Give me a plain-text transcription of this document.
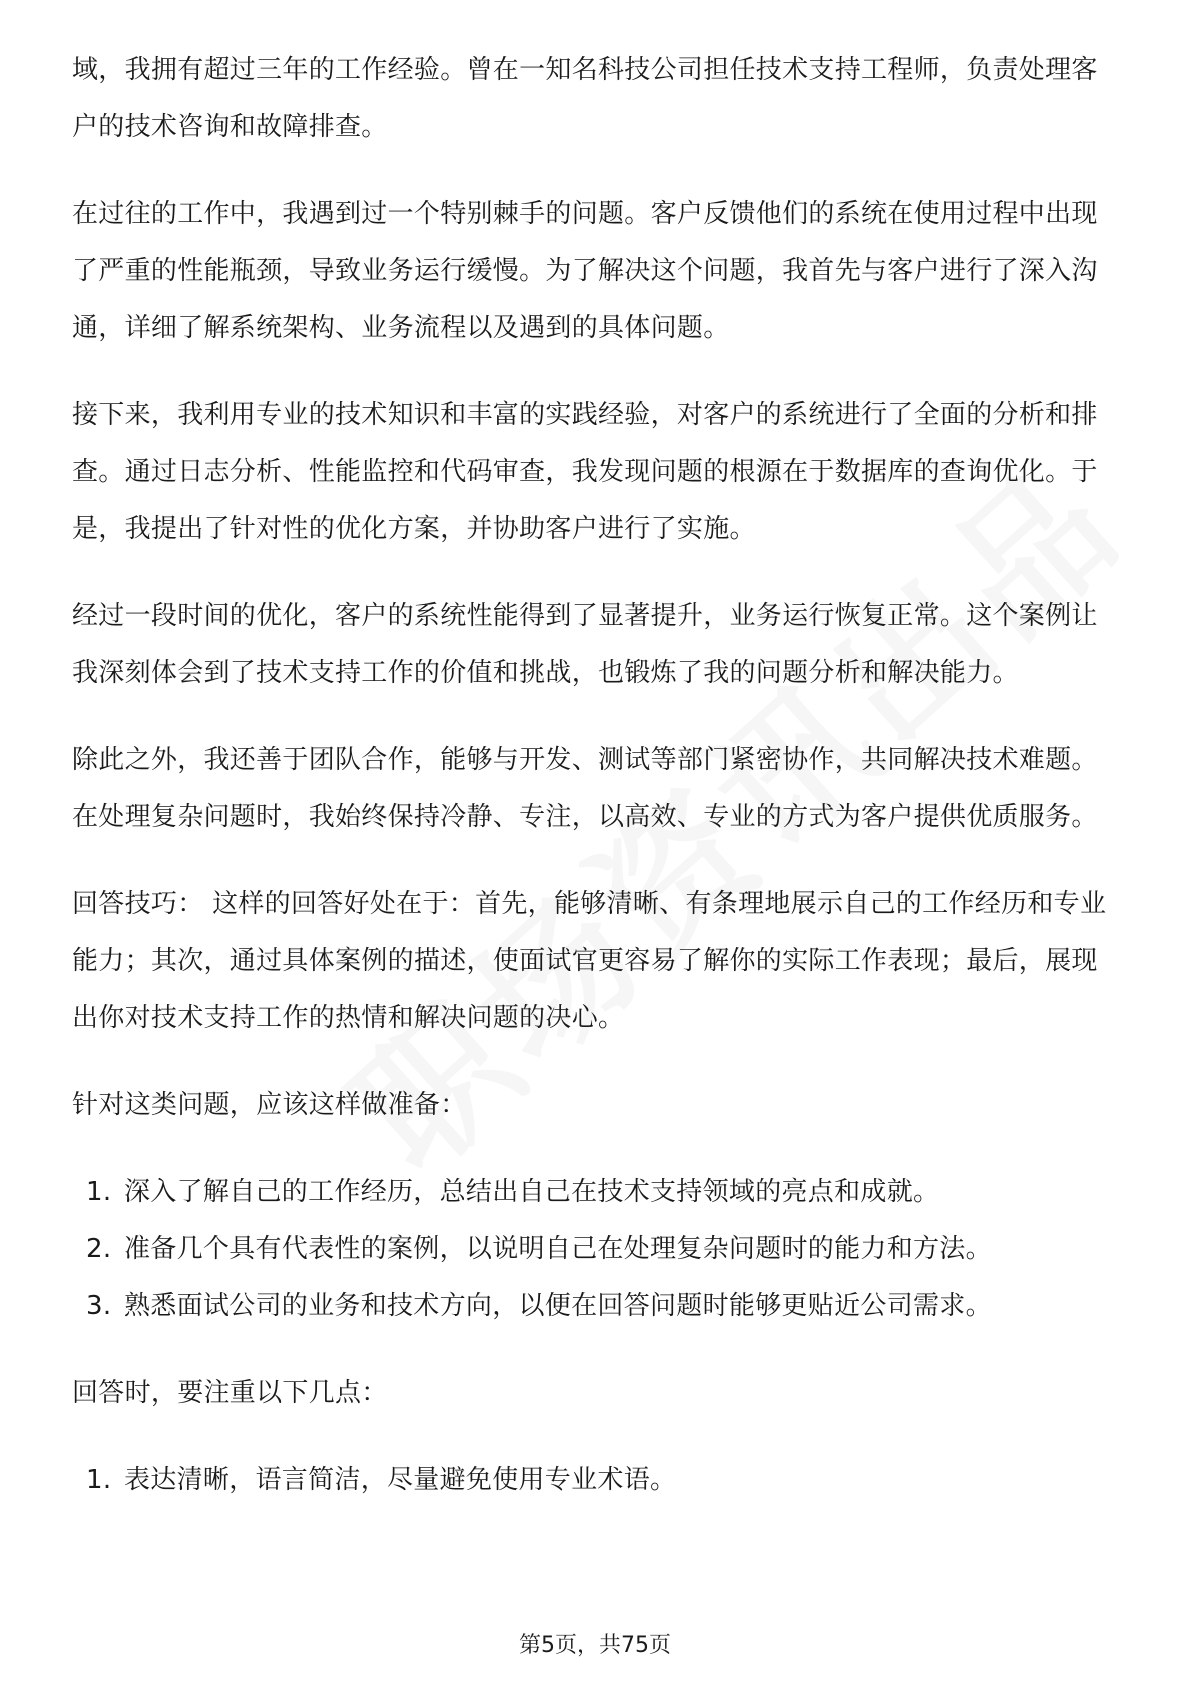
域，我拥有超过三年的工作经验。曾在一知名科技公司担任技术支持工程师，负责处理客户的技术咨询和故障排查。

在过往的工作中，我遇到过一个特别棘手的问题。客户反馈他们的系统在使用过程中出现了严重的性能瓶颈，导致业务运行缓慢。为了解决这个问题，我首先与客户进行了深入沟通，详细了解系统架构、业务流程以及遇到的具体问题。

接下来，我利用专业的技术知识和丰富的实践经验，对客户的系统进行了全面的分析和排查。通过日志分析、性能监控和代码审查，我发现问题的根源在于数据库的查询优化。于是，我提出了针对性的优化方案，并协助客户进行了实施。

经过一段时间的优化，客户的系统性能得到了显著提升，业务运行恢复正常。这个案例让我深刻体会到了技术支持工作的价值和挑战，也锻炼了我的问题分析和解决能力。

除此之外，我还善于团队合作，能够与开发、测试等部门紧密协作，共同解决技术难题。在处理复杂问题时，我始终保持冷静、专注，以高效、专业的方式为客户提供优质服务。

回答技巧： 这样的回答好处在于：首先，能够清晰、有条理地展示自己的工作经历和专业能力；其次，通过具体案例的描述，使面试官更容易了解你的实际工作表现；最后，展现出你对技术支持工作的热情和解决问题的决心。

针对这类问题，应该这样做准备：

1. 深入了解自己的工作经历，总结出自己在技术支持领域的亮点和成就。
2. 准备几个具有代表性的案例，以说明自己在处理复杂问题时的能力和方法。
3. 熟悉面试公司的业务和技术方向，以便在回答问题时能够更贴近公司需求。

回答时，要注重以下几点：

1. 表达清晰，语言简洁，尽量避免使用专业术语。
第5页，共75页
